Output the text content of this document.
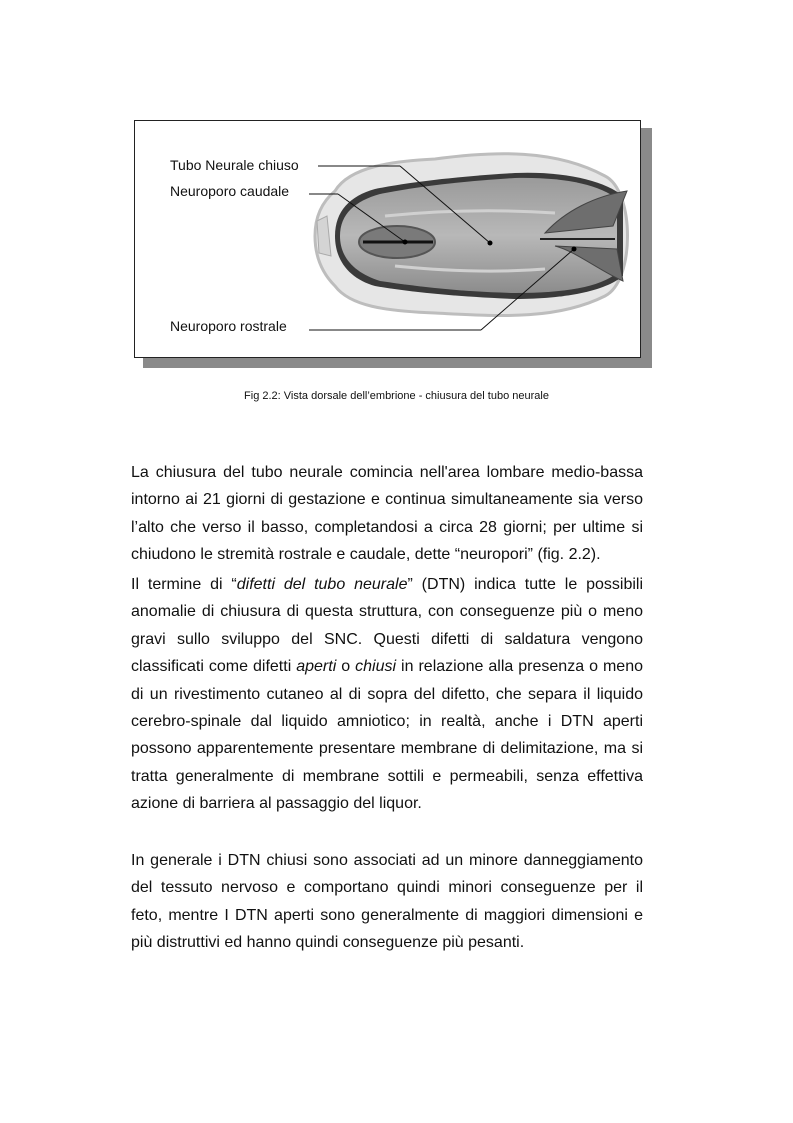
Tubo Neurale chiuso
Neuroporo caudale
Neuroporo rostrale
Fig 2.2: Vista dorsale dell’embrione - chiusura del tubo neurale

La chiusura del tubo neurale comincia nell'area lombare medio-bassa
intorno ai 21 giorni di gestazione e continua simultaneamente sia verso
l’alto che verso il basso, completandosi a circa 28 giorni; per ultime si
chiudono le stremità rostrale e caudale, dette “neuropori” (fig. 2.2).

Il termine di “difetti del tubo neurale” (DTN) indica tutte le possibili
anomalie di chiusura di questa struttura, con conseguenze più o meno
gravi sullo sviluppo del SNC. Questi difetti di saldatura vengono
classificati come difetti aperti o chiusi in relazione alla presenza o meno
di un rivestimento cutaneo al di sopra del difetto, che separa il liquido
cerebro-spinale dal liquido amniotico; in realtà, anche i DTN aperti
possono apparentemente presentare membrane di delimitazione, ma si
tratta generalmente di membrane sottili e permeabili, senza effettiva
azione di barriera al passaggio del liquor.

In generale i DTN chiusi sono associati ad un minore danneggiamento
del tessuto nervoso e comportano quindi minori conseguenze per il
feto, mentre I DTN aperti sono generalmente di maggiori dimensioni e
più distruttivi ed hanno quindi conseguenze più pesanti.
